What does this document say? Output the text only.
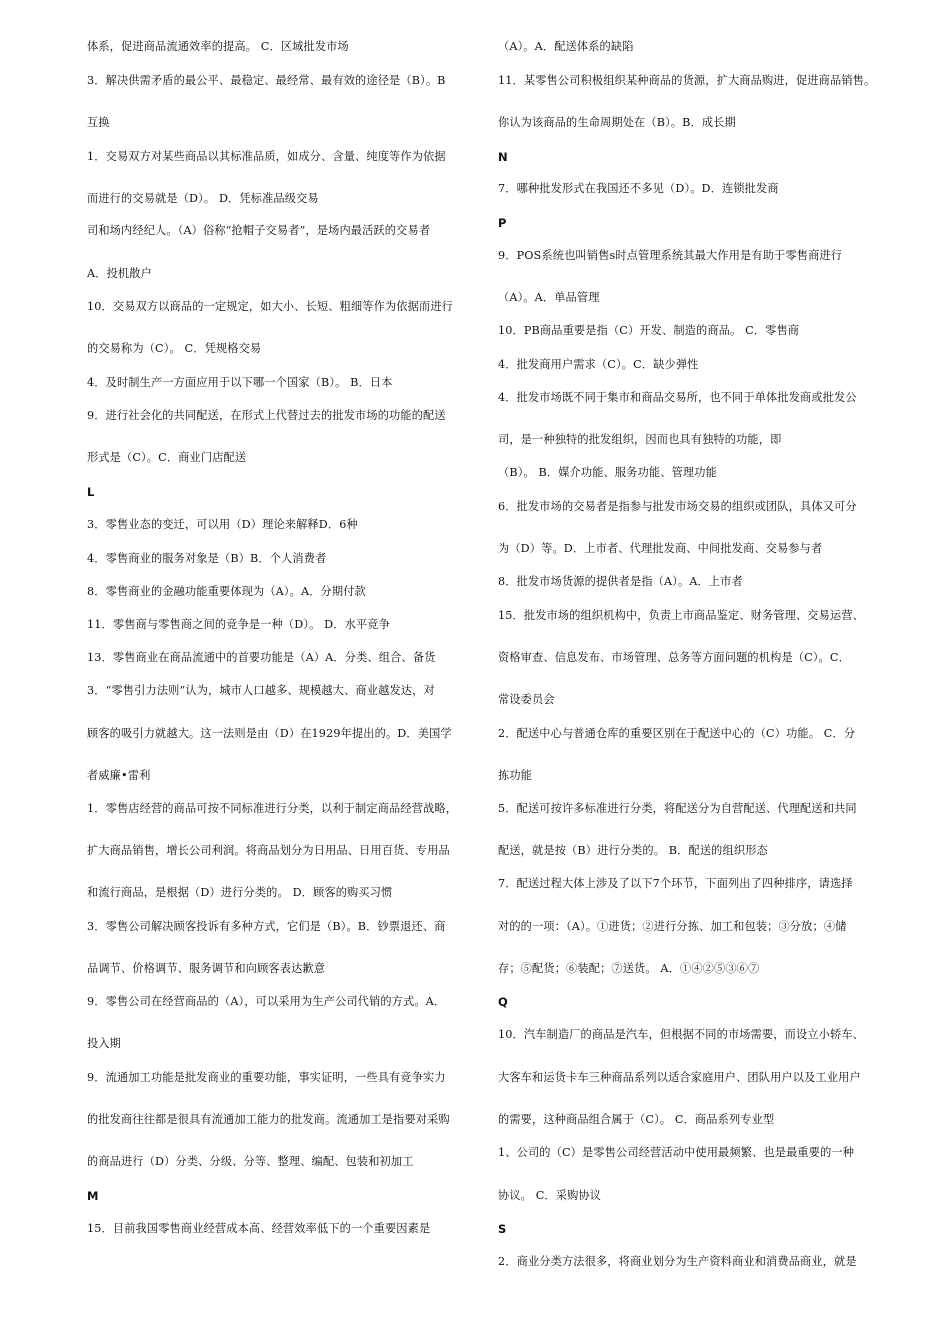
体系，促进商品流通效率的提高。 C．区域批发市场
3．解决供需矛盾的最公平、最稳定、最经常、最有效的途径是（B）。B
互换
1．交易双方对某些商品以其标准品质，如成分、含量、纯度等作为依据
而进行的交易就是（D）。 D．凭标准品级交易
司和场内经纪人。（A）俗称“抢帽子交易者”，是场内最活跃的交易者
A．投机散户
10．交易双方以商品的一定规定，如大小、长短、粗细等作为依据而进行
的交易称为（C）。 C．凭规格交易
4．及时制生产一方面应用于以下哪一个国家（B）。 B．日本
9．进行社会化的共同配送，在形式上代替过去的批发市场的功能的配送
形式是（C）。C．商业门店配送
L
3．零售业态的变迁，可以用（D）理论来解释D．6种
4．零售商业的服务对象是（B）B．个人消费者
8．零售商业的金融功能重要体现为（A）。A．分期付款
11．零售商与零售商之间的竞争是一种（D）。 D．水平竞争
13．零售商业在商品流通中的首要功能是（A）A．分类、组合、备货
3．“零售引力法则”认为，城市人口越多、规模越大、商业越发达，对
顾客的吸引力就越大。这一法则是由（D）在1929年提出的。D．美国学
者威廉•雷利
1．零售店经营的商品可按不同标准进行分类，以利于制定商品经营战略，
扩大商品销售，增长公司利润。将商品划分为日用品、日用百货、专用品
和流行商品，是根据（D）进行分类的。 D．顾客的购买习惯
3．零售公司解决顾客投诉有多种方式，它们是（B）。B．钞票退还、商
品调节、价格调节、服务调节和向顾客表达歉意
9．零售公司在经营商品的（A），可以采用为生产公司代销的方式。A．
投入期
9．流通加工功能是批发商业的重要功能，事实证明，一些具有竞争实力
的批发商往往都是很具有流通加工能力的批发商。流通加工是指要对采购
的商品进行（D）分类、分级、分等、整理、编配、包装和初加工
M
15．目前我国零售商业经营成本高、经营效率低下的一个重要因素是
（A）。A．配送体系的缺陷
11．某零售公司积极组织某种商品的货源，扩大商品购进，促进商品销售。
你认为该商品的生命周期处在（B）。B．成长期
N
7．哪种批发形式在我国还不多见（D）。D．连锁批发商
P
9．POS系统也叫销售s时点管理系统其最大作用是有助于零售商进行
（A）。A．单品管理
10．PB商品重要是指（C）开发、制造的商品。 C．零售商
4．批发商用户需求（C）。C．缺少弹性
4．批发市场既不同于集市和商品交易所，也不同于单体批发商或批发公
司，是一种独特的批发组织，因而也具有独特的功能，即
（B）。 B．媒介功能、服务功能、管理功能
6．批发市场的交易者是指参与批发市场交易的组织或团队，具体又可分
为（D）等。D．上市者、代理批发商、中间批发商、交易参与者
8．批发市场货源的提供者是指（A）。A．上市者
15．批发市场的组织机构中，负责上市商品鉴定、财务管理、交易运营、
资格审查、信息发布、市场管理、总务等方面问题的机构是（C）。C．
常设委员会
2．配送中心与普通仓库的重要区别在于配送中心的（C）功能。 C．分
拣功能
5．配送可按许多标准进行分类，将配送分为自营配送、代理配送和共同
配送，就是按（B）进行分类的。 B．配送的组织形态
7．配送过程大体上涉及了以下7个环节，下面列出了四种排序，请选择
对的的一项：（A）。①进货；②进行分拣、加工和包装；③分放；④储
存；⑤配货；⑥装配；⑦送货。 A．①④②⑤③⑥⑦
Q
10．汽车制造厂的商品是汽车，但根据不同的市场需要，而设立小轿车、
大客车和运货卡车三种商品系列以适合家庭用户、团队用户以及工业用户
的需要，这种商品组合属于（C）。 C．商品系列专业型
1、公司的（C）是零售公司经营活动中使用最频繁、也是最重要的一种
协议。 C．采购协议
S
2．商业分类方法很多，将商业划分为生产资料商业和消费品商业，就是
